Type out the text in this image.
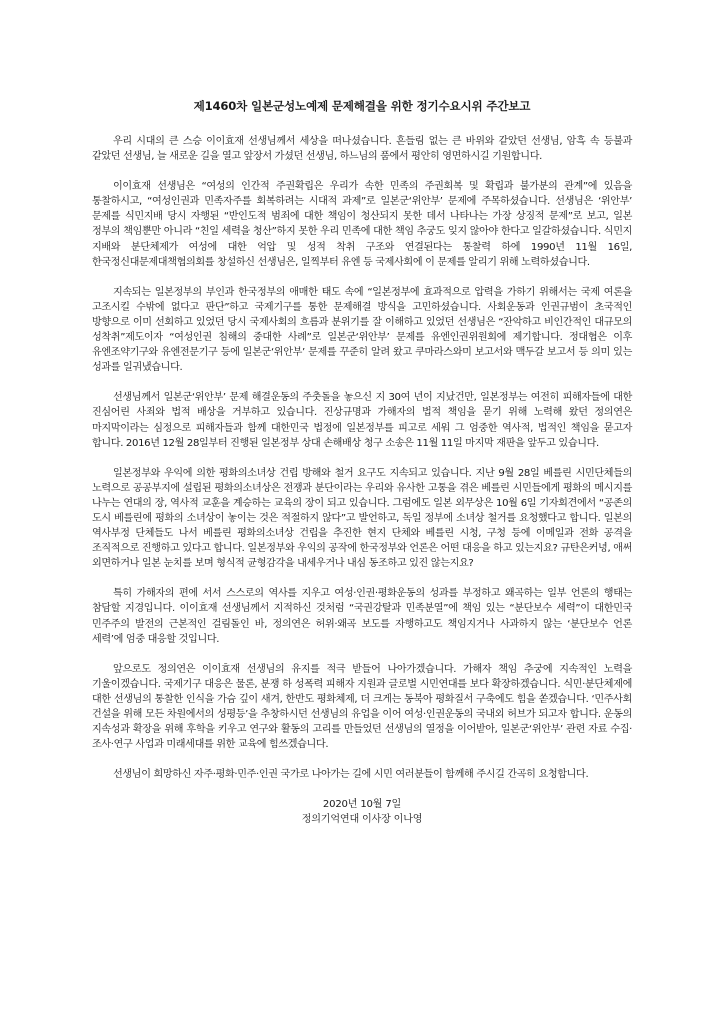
제1460차 일본군성노예제 문제해결을 위한 정기수요시위 주간보고

우리 시대의 큰 스승 이이효재 선생님께서 세상을 떠나셨습니다. 흔들림 없는 큰 바위와 같았던 선생님, 암흑 속 등불과 같았던 선생님, 늘 새로운 길을 열고 앞장서 가셨던 선생님, 하느님의 품에서 평안히 영면하시길 기원합니다.

이이효재 선생님은 “여성의 인간적 주권확립은 우리가 속한 민족의 주권회복 및 확립과 불가분의 관계”에 있음을 통찰하시고, “여성인권과 민족자주를 회복하려는 시대적 과제”로 일본군‘위안부’ 문제에 주목하셨습니다. 선생님은 ‘위안부’ 문제를 식민지배 당시 자행된 “반인도적 범죄에 대한 책임이 청산되지 못한 데서 나타나는 가장 상징적 문제”로 보고, 일본 정부의 책임뿐만 아니라 “친일 세력을 청산”하지 못한 우리 민족에 대한 책임 추궁도 잊지 않아야 한다고 일갈하셨습니다. 식민지 지배와 분단체제가 여성에 대한 억압 및 성적 착취 구조와 연결된다는 통찰력 하에 1990년 11월 16일, 한국정신대문제대책협의회를 창설하신 선생님은, 일찍부터 유엔 등 국제사회에 이 문제를 알리기 위해 노력하셨습니다.

지속되는 일본정부의 부인과 한국정부의 애매한 태도 속에 “일본정부에 효과적으로 압력을 가하기 위해서는 국제 여론을 고조시킬 수밖에 없다고 판단”하고 국제기구를 통한 문제해결 방식을 고민하셨습니다. 사회운동과 인권규범이 초국적인 방향으로 이미 선회하고 있었던 당시 국제사회의 흐름과 분위기를 잘 이해하고 있었던 선생님은 “잔악하고 비인간적인 대규모의 성착취”제도이자 “여성인권 침해의 중대한 사례”로 일본군‘위안부’ 문제를 유엔인권위원회에 제기합니다. 정대협은 이후 유엔조약기구와 유엔전문기구 등에 일본군‘위안부’ 문제를 꾸준히 알려 왔고 쿠마라스와미 보고서와 맥두갈 보고서 등 의미 있는 성과를 일궈냈습니다.

선생님께서 일본군‘위안부’ 문제 해결운동의 주춧돌을 놓으신 지 30여 년이 지났건만, 일본정부는 여전히 피해자들에 대한 진심어린 사죄와 법적 배상을 거부하고 있습니다. 진상규명과 가해자의 법적 책임을 묻기 위해 노력해 왔던 정의연은 마지막이라는 심정으로 피해자들과 함께 대한민국 법정에 일본정부를 피고로 세워 그 엄중한 역사적, 법적인 책임을 묻고자 합니다. 2016년 12월 28일부터 진행된 일본정부 상대 손해배상 청구 소송은 11월 11일 마지막 재판을 앞두고 있습니다.

일본정부와 우익에 의한 평화의소녀상 건립 방해와 철거 요구도 지속되고 있습니다. 지난 9월 28일 베를린 시민단체들의 노력으로 공공부지에 설립된 평화의소녀상은 전쟁과 분단이라는 우리와 유사한 고통을 겪은 베를린 시민들에게 평화의 메시지를 나누는 연대의 장, 역사적 교훈을 계승하는 교육의 장이 되고 있습니다. 그럼에도 일본 외무상은 10월 6일 기자회견에서 “공존의 도시 베를린에 평화의 소녀상이 놓이는 것은 적절하지 않다”고 발언하고, 독일 정부에 소녀상 철거를 요청했다고 합니다. 일본의 역사부정 단체들도 나서 베를린 평화의소녀상 건립을 추진한 현지 단체와 베를린 시청, 구청 등에 이메일과 전화 공격을 조직적으로 진행하고 있다고 합니다. 일본정부와 우익의 공작에 한국정부와 언론은 어떤 대응을 하고 있는지요? 규탄은커녕, 애써 외면하거나 일본 눈치를 보며 형식적 균형감각을 내세우거나 내심 동조하고 있진 않는지요?

특히 가해자의 편에 서서 스스로의 역사를 지우고 여성·인권·평화운동의 성과를 부정하고 왜곡하는 일부 언론의 행태는 참담할 지경입니다. 이이효재 선생님께서 지적하신 것처럼 “국권강탈과 민족분열”에 책임 있는 “분단보수 세력”이 대한민국 민주주의 발전의 근본적인 걸림돌인 바, 정의연은 허위·왜곡 보도를 자행하고도 책임지거나 사과하지 않는 ‘분단보수 언론 세력’에 엄중 대응할 것입니다.

앞으로도 정의연은 이이효재 선생님의 유지를 적극 받들어 나아가겠습니다. 가해자 책임 추궁에 지속적인 노력을 기울이겠습니다. 국제기구 대응은 물론, 분쟁 하 성폭력 피해자 지원과 글로벌 시민연대를 보다 확장하겠습니다. 식민·분단체제에 대한 선생님의 통찰한 인식을 가슴 깊이 새겨, 한반도 평화체제, 더 크게는 동북아 평화질서 구축에도 힘을 쏟겠습니다. ‘민주사회 건설을 위해 모든 차원에서의 성평등’을 추창하시던 선생님의 유업을 이어 여성·인권운동의 국내외 허브가 되고자 합니다. 운동의 지속성과 확장을 위해 후학을 키우고 연구와 활동의 고리를 만들었던 선생님의 열정을 이어받아, 일본군‘위안부’ 관련 자료 수집·조사·연구 사업과 미래세대를 위한 교육에 힘쓰겠습니다.

선생님이 희망하신 자주·평화·민주·인권 국가로 나아가는 길에 시민 여러분들이 함께해 주시길 간곡히 요청합니다.

2020년 10월 7일
정의기억연대 이사장 이나영
